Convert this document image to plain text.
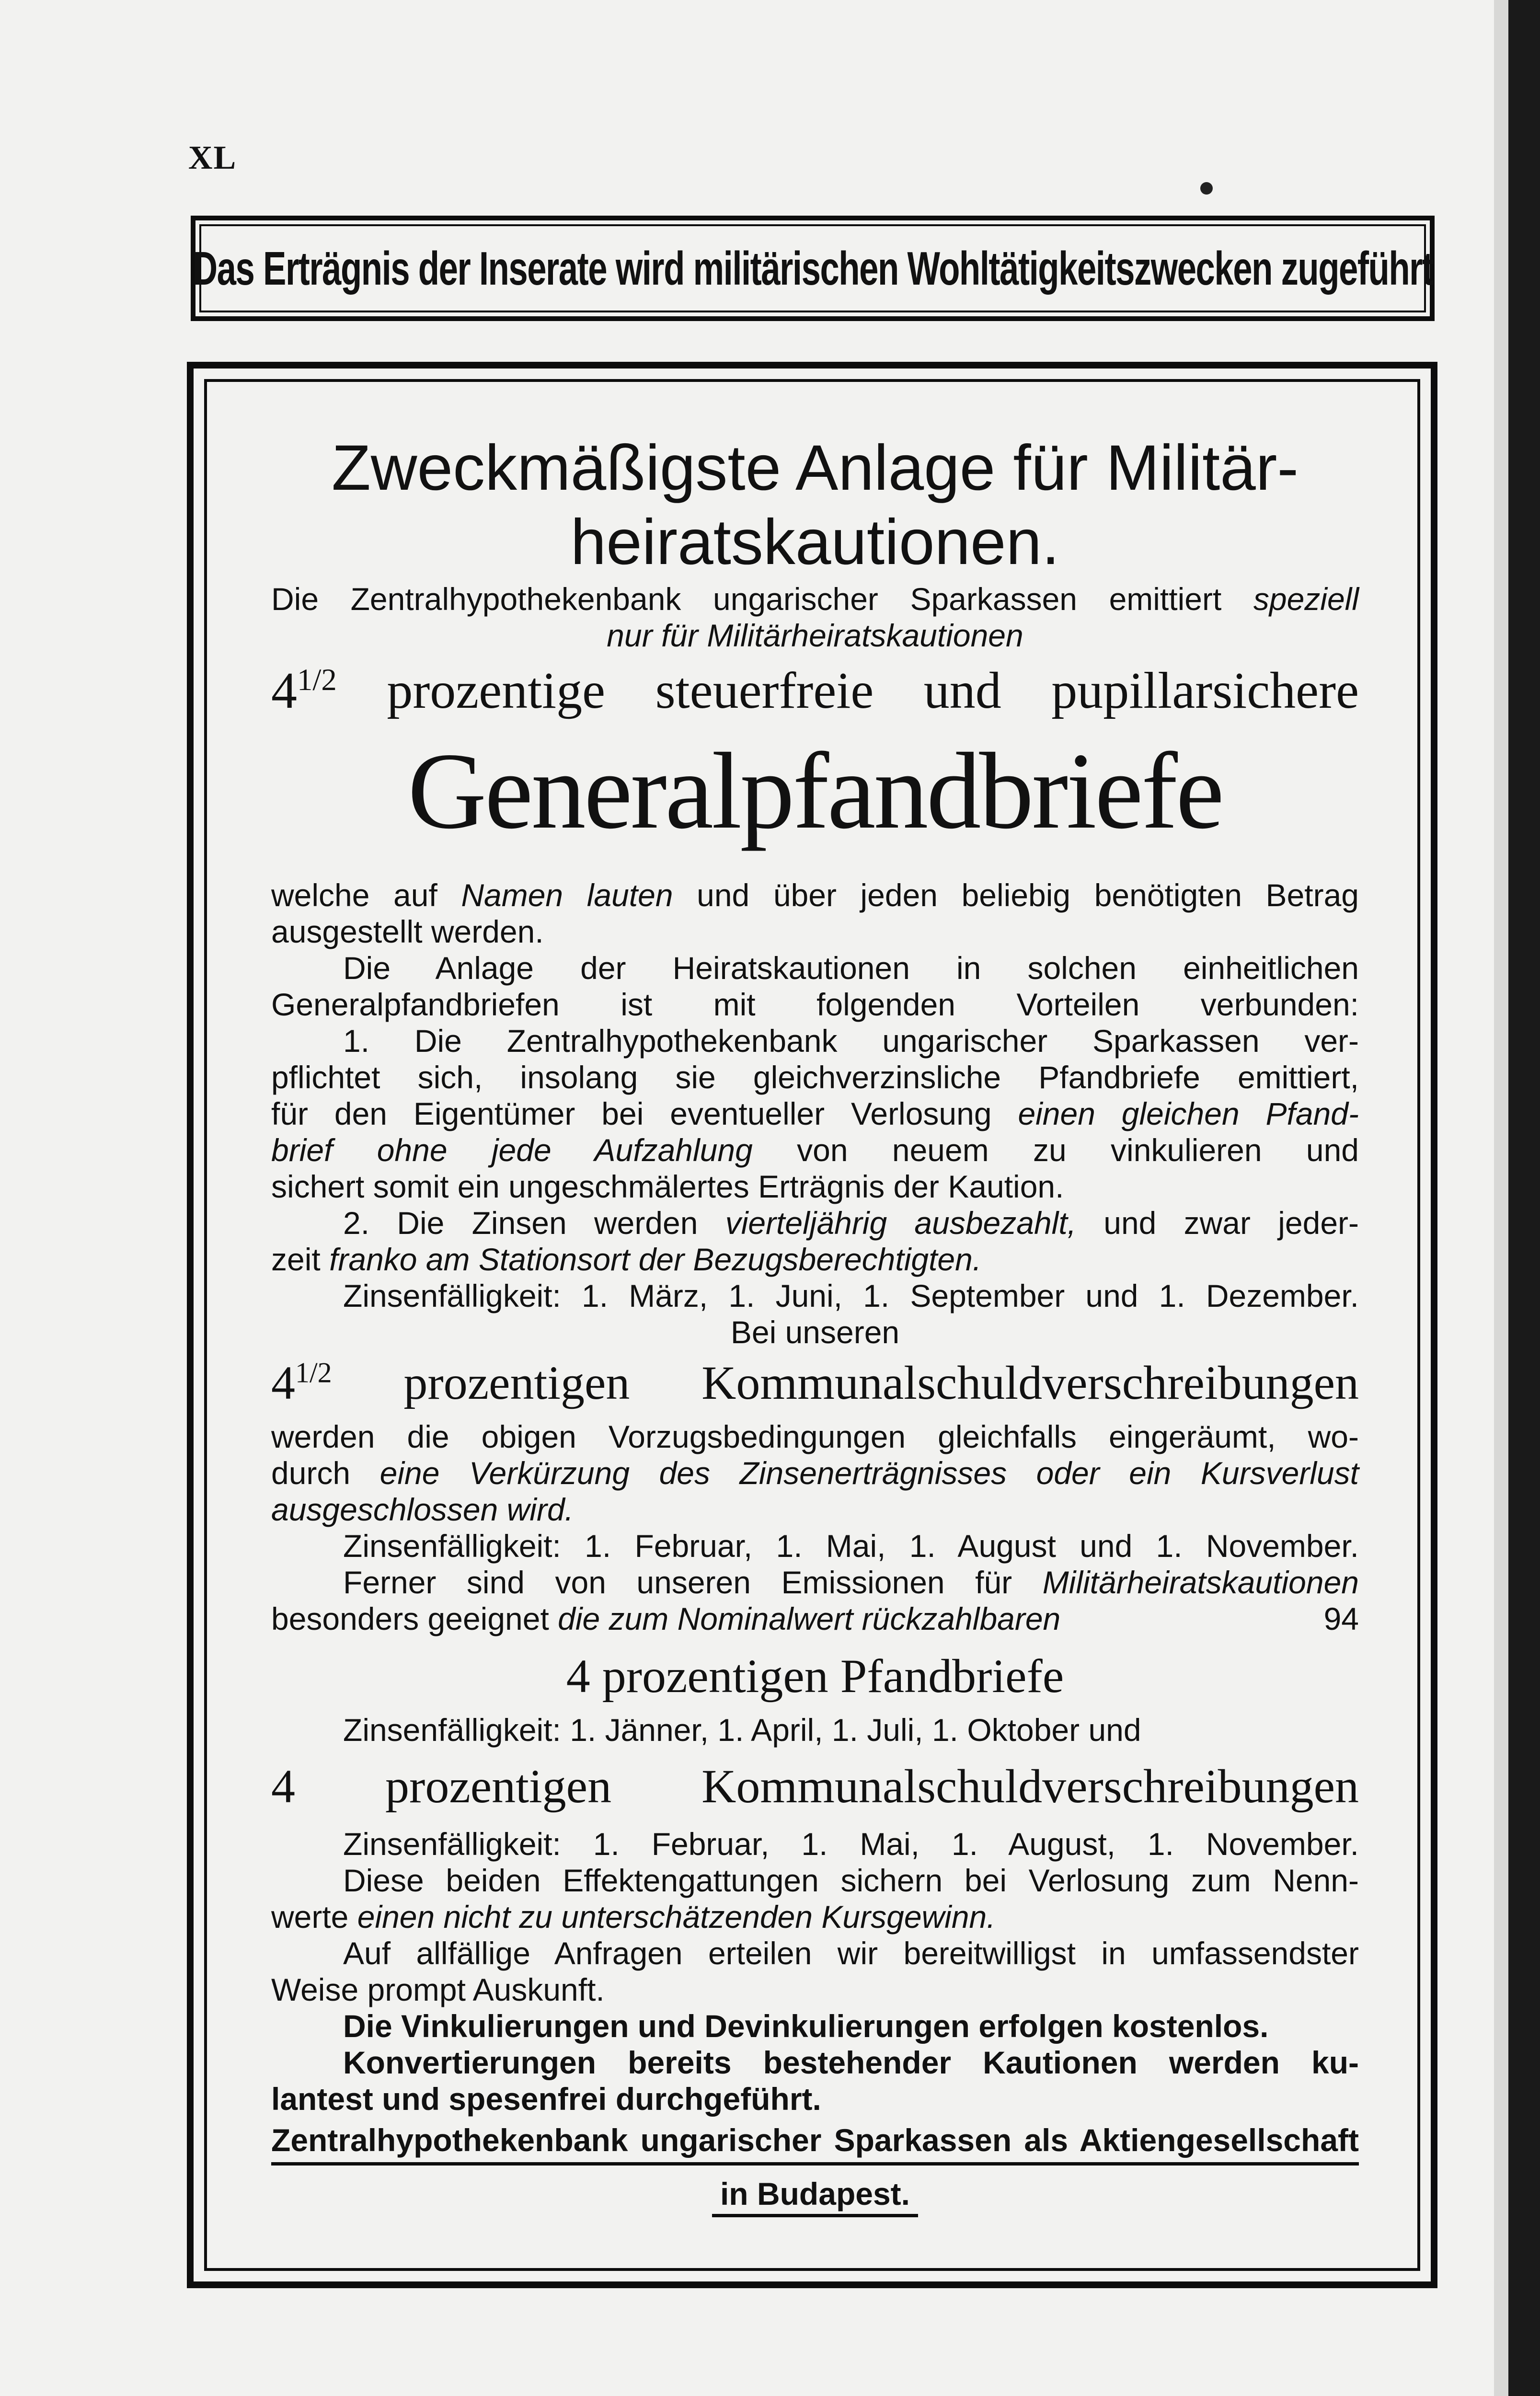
XL
Das Erträgnis der Inserate wird militärischen Wohltätigkeitszwecken zugeführt
Zweckmäßigste Anlage für Militär-
heiratskautionen.
Die Zentralhypothekenbank ungarischer Sparkassen emittiert speziell
nur für Militärheiratskautionen
$4^{1/2}$ prozentige steuerfreie und pupillarsichere
Generalpfandbriefe
welche auf Namen lauten und über jeden beliebig benötigten Betrag
ausgestellt werden.
Die Anlage der Heiratskautionen in solchen einheitlichen
Generalpfandbriefen ist mit folgenden Vorteilen verbunden:
1. Die Zentralhypothekenbank ungarischer Sparkassen ver-
pflichtet sich, insolang sie gleichverzinsliche Pfandbriefe emittiert,
für den Eigentümer bei eventueller Verlosung einen gleichen Pfand-
brief ohne jede Aufzahlung von neuem zu vinkulieren und
sichert somit ein ungeschmälertes Erträgnis der Kaution.
2. Die Zinsen werden vierteljährig ausbezahlt, und zwar jeder-
zeit franko am Stationsort der Bezugsberechtigten.
Zinsenfälligkeit: 1. März, 1. Juni, 1. September und 1. Dezember.
Bei unseren
$4^{1/2}$ prozentigen Kommunalschuldverschreibungen
werden die obigen Vorzugsbedingungen gleichfalls eingeräumt, wo-
durch eine Verkürzung des Zinsenerträgnisses oder ein Kursverlust
ausgeschlossen wird.
Zinsenfälligkeit: 1. Februar, 1. Mai, 1. August und 1. November.
Ferner sind von unseren Emissionen für Militärheiratskautionen
besonders geeignet die zum Nominalwert rückzahlbaren	94
4 prozentigen Pfandbriefe
Zinsenfälligkeit: 1. Jänner, 1. April, 1. Juli, 1. Oktober und
4 prozentigen Kommunalschuldverschreibungen
Zinsenfälligkeit: 1. Februar, 1. Mai, 1. August, 1. November.
Diese beiden Effektengattungen sichern bei Verlosung zum Nenn-
werte einen nicht zu unterschätzenden Kursgewinn.
Auf allfällige Anfragen erteilen wir bereitwilligst in umfassendster
Weise prompt Auskunft.
Die Vinkulierungen und Devinkulierungen erfolgen kostenlos.
Konvertierungen bereits bestehender Kautionen werden ku-
lantest und spesenfrei durchgeführt.
Zentralhypothekenbank ungarischer Sparkassen als Aktiengesellschaft
in Budapest.
